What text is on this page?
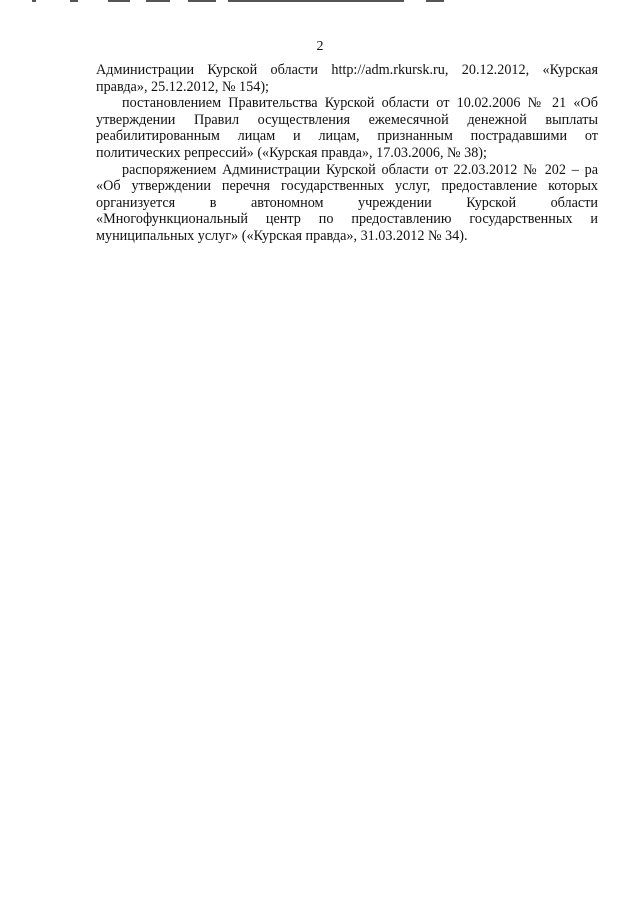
2

Администрации Курской области http://adm.rkursk.ru, 20.12.2012, «Курская правда», 25.12.2012, № 154);

постановлением Правительства Курской области от 10.02.2006 № 21 «Об утверждении Правил осуществления ежемесячной денежной выплаты реабилитированным лицам и лицам, признанным пострадавшими от политических репрессий» («Курская правда», 17.03.2006, № 38);

распоряжением Администрации Курской области от 22.03.2012 № 202 – ра «Об утверждении перечня государственных услуг, предоставление которых организуется в автономном учреждении Курской области «Многофункциональный центр по предоставлению государственных и муниципальных услуг» («Курская правда», 31.03.2012 № 34).
